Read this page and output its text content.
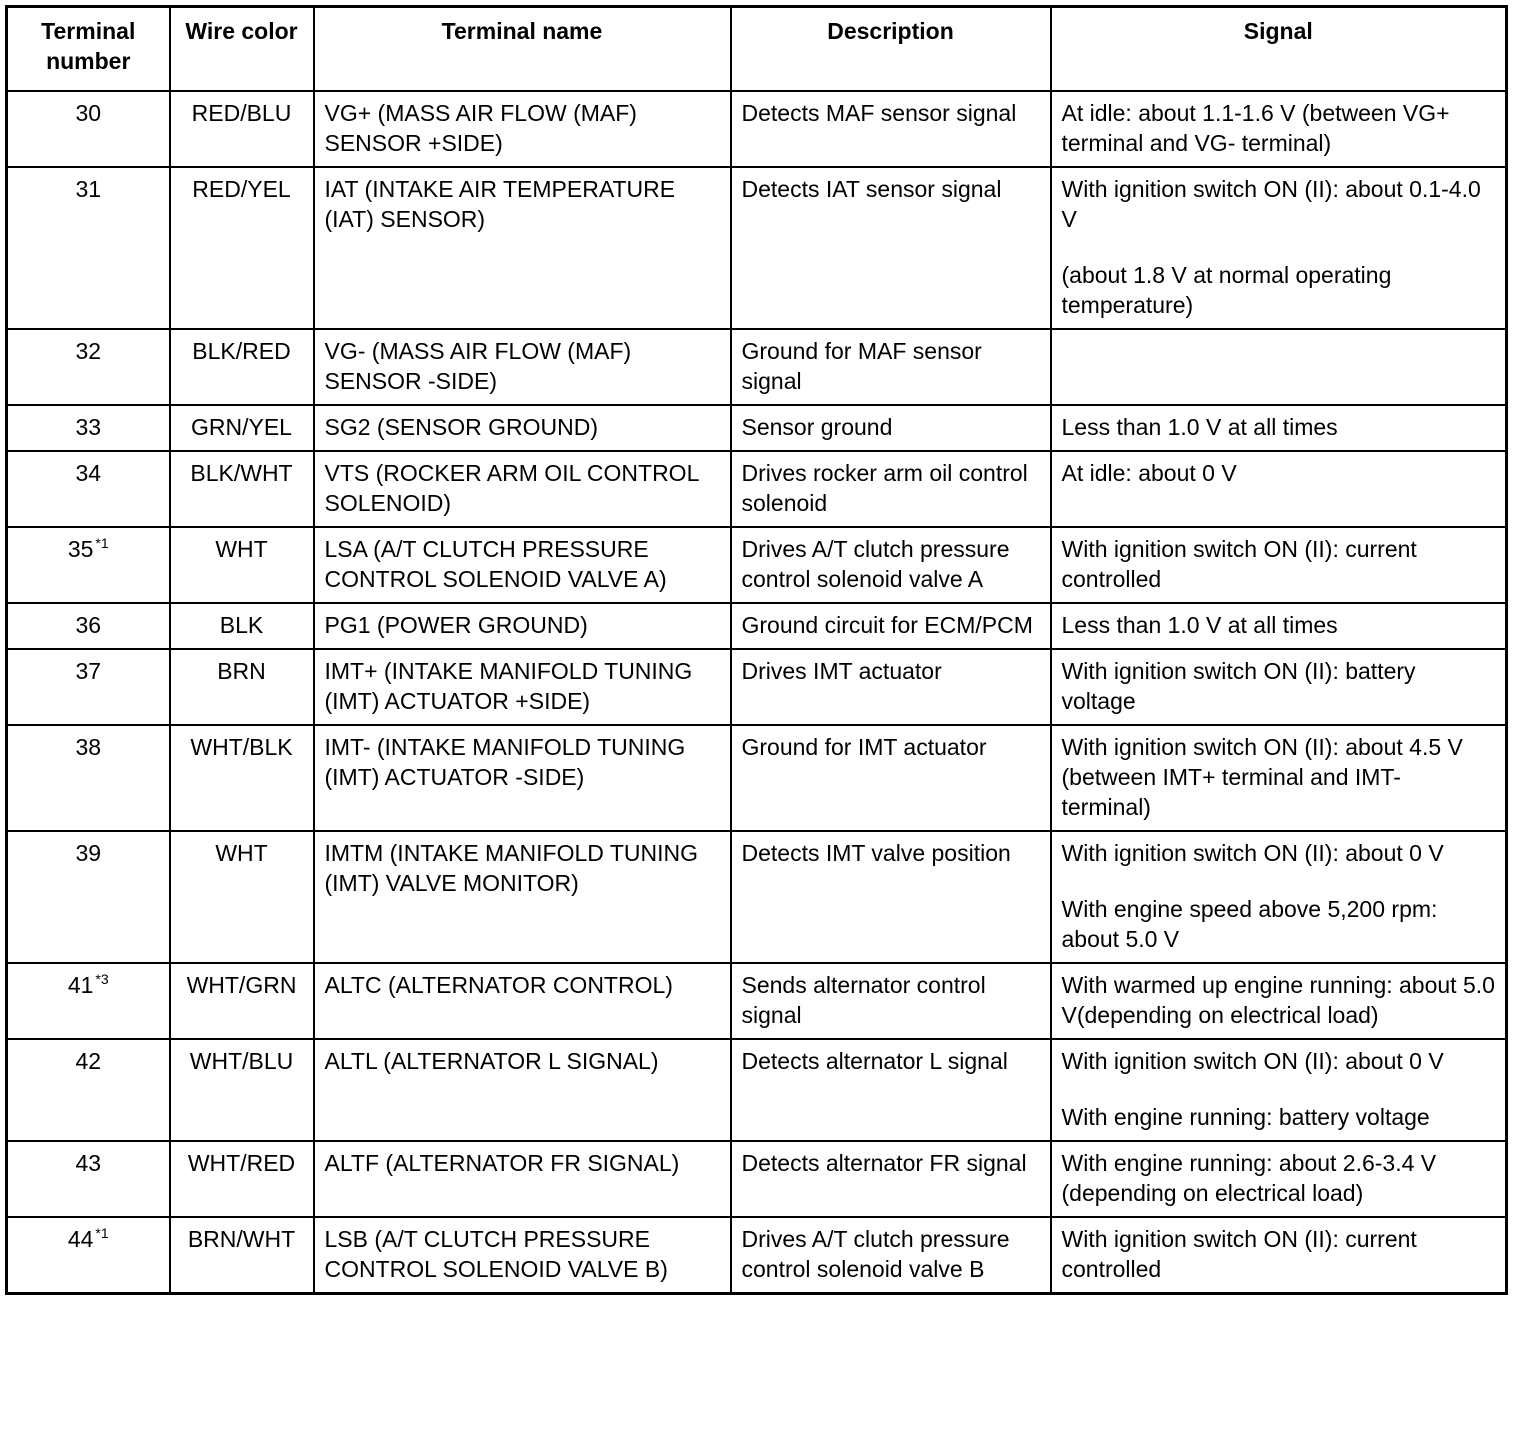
Terminal number	Wire color	Terminal name	Description	Signal
30	RED/BLU	VG+ (MASS AIR FLOW (MAF) SENSOR +SIDE)	Detects MAF sensor signal	At idle: about 1.1-1.6 V (between VG+ terminal and VG- terminal)

31	RED/YEL	IAT (INTAKE AIR TEMPERATURE (IAT) SENSOR)	Detects IAT sensor signal	With ignition switch ON (II): about 0.1-4.0 V

(about 1.8 V at normal operating temperature)

32	BLK/RED	VG- (MASS AIR FLOW (MAF) SENSOR -SIDE)	Ground for MAF sensor signal	
33	GRN/YEL	SG2 (SENSOR GROUND)	Sensor ground	Less than 1.0 V at all times

34	BLK/WHT	VTS (ROCKER ARM OIL CONTROL SOLENOID)	Drives rocker arm oil control solenoid	At idle: about 0 V

35 $^{*1}$	WHT	LSA (A/T CLUTCH PRESSURE CONTROL SOLENOID VALVE A)	Drives A/T clutch pressure control solenoid valve A	With ignition switch ON (II): current controlled

36	BLK	PG1 (POWER GROUND)	Ground circuit for ECM/PCM	Less than 1.0 V at all times

37	BRN	IMT+ (INTAKE MANIFOLD TUNING (IMT) ACTUATOR +SIDE)	Drives IMT actuator	With ignition switch ON (II): battery voltage

38	WHT/BLK	IMT- (INTAKE MANIFOLD TUNING (IMT) ACTUATOR -SIDE)	Ground for IMT actuator	With ignition switch ON (II): about 4.5 V (between IMT+ terminal and IMT- terminal)

39	WHT	IMTM (INTAKE MANIFOLD TUNING (IMT) VALVE MONITOR)	Detects IMT valve position	With ignition switch ON (II): about 0 V

With engine speed above 5,200 rpm: about 5.0 V

41 $^{*3}$	WHT/GRN	ALTC (ALTERNATOR CONTROL)	Sends alternator control signal	With warmed up engine running: about 5.0 V(depending on electrical load)

42	WHT/BLU	ALTL (ALTERNATOR L SIGNAL)	Detects alternator L signal	With ignition switch ON (II): about 0 V

With engine running: battery voltage

43	WHT/RED	ALTF (ALTERNATOR FR SIGNAL)	Detects alternator FR signal	With engine running: about 2.6-3.4 V (depending on electrical load)

44 $^{*1}$	BRN/WHT	LSB (A/T CLUTCH PRESSURE CONTROL SOLENOID VALVE B)	Drives A/T clutch pressure control solenoid valve B	With ignition switch ON (II): current controlled
